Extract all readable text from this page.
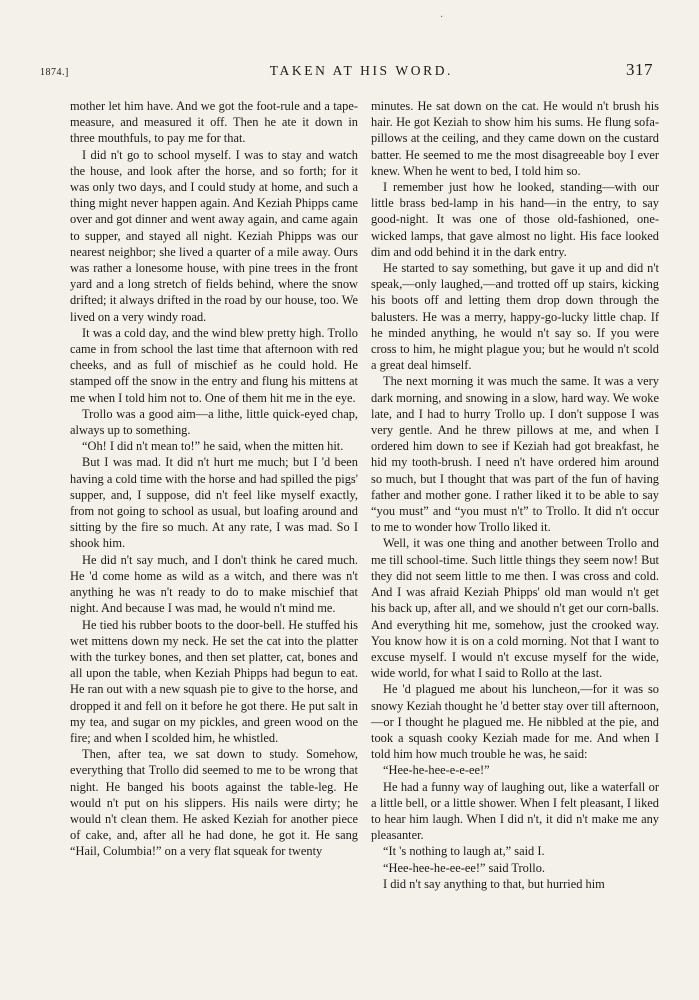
1874.]	TAKEN AT HIS WORD.	317

mother let him have. And we got the foot-rule and a tape-measure, and measured it off. Then he ate it down in three mouthfuls, to pay me for that.

I did n't go to school myself. I was to stay and watch the house, and look after the horse, and so forth; for it was only two days, and I could study at home, and such a thing might never happen again. And Keziah Phipps came over and got dinner and went away again, and came again to supper, and stayed all night. Keziah Phipps was our nearest neighbor; she lived a quarter of a mile away. Ours was rather a lonesome house, with pine trees in the front yard and a long stretch of fields behind, where the snow drifted; it always drifted in the road by our house, too. We lived on a very windy road.

It was a cold day, and the wind blew pretty high. Trollo came in from school the last time that afternoon with red cheeks, and as full of mischief as he could hold. He stamped off the snow in the entry and flung his mittens at me when I told him not to. One of them hit me in the eye.

Trollo was a good aim—a lithe, little quick-eyed chap, always up to something.

“Oh! I did n't mean to!” he said, when the mitten hit.

But I was mad. It did n't hurt me much; but I 'd been having a cold time with the horse and had spilled the pigs' supper, and, I suppose, did n't feel like myself exactly, from not going to school as usual, but loafing around and sitting by the fire so much. At any rate, I was mad. So I shook him.

He did n't say much, and I don't think he cared much. He 'd come home as wild as a witch, and there was n't anything he was n't ready to do to make mischief that night. And because I was mad, he would n't mind me.

He tied his rubber boots to the door-bell. He stuffed his wet mittens down my neck. He set the cat into the platter with the turkey bones, and then set platter, cat, bones and all upon the table, when Keziah Phipps had begun to eat. He ran out with a new squash pie to give to the horse, and dropped it and fell on it before he got there. He put salt in my tea, and sugar on my pickles, and green wood on the fire; and when I scolded him, he whistled.

Then, after tea, we sat down to study. Somehow, everything that Trollo did seemed to me to be wrong that night. He banged his boots against the table-leg. He would n't put on his slippers. His nails were dirty; he would n't clean them. He asked Keziah for another piece of cake, and, after all he had done, he got it. He sang “Hail, Columbia!” on a very flat squeak for twenty

minutes. He sat down on the cat. He would n't brush his hair. He got Keziah to show him his sums. He flung sofa-pillows at the ceiling, and they came down on the custard batter. He seemed to me the most disagreeable boy I ever knew. When he went to bed, I told him so.

I remember just how he looked, standing—with our little brass bed-lamp in his hand—in the entry, to say good-night. It was one of those old-fashioned, one-wicked lamps, that gave almost no light. His face looked dim and odd behind it in the dark entry.

He started to say something, but gave it up and did n't speak,—only laughed,—and trotted off up stairs, kicking his boots off and letting them drop down through the balusters. He was a merry, happy-go-lucky little chap. If he minded anything, he would n't say so. If you were cross to him, he might plague you; but he would n't scold a great deal himself.

The next morning it was much the same. It was a very dark morning, and snowing in a slow, hard way. We woke late, and I had to hurry Trollo up. I don't suppose I was very gentle. And he threw pillows at me, and when I ordered him down to see if Keziah had got breakfast, he hid my tooth-brush. I need n't have ordered him around so much, but I thought that was part of the fun of having father and mother gone. I rather liked it to be able to say “you must” and “you must n't” to Trollo. It did n't occur to me to wonder how Trollo liked it.

Well, it was one thing and another between Trollo and me till school-time. Such little things they seem now! But they did not seem little to me then. I was cross and cold. And I was afraid Keziah Phipps' old man would n't get his back up, after all, and we should n't get our corn-balls. And everything hit me, somehow, just the crooked way. You know how it is on a cold morning. Not that I want to excuse myself. I would n't excuse myself for the wide, wide world, for what I said to Rollo at the last.

He 'd plagued me about his luncheon,—for it was so snowy Keziah thought he 'd better stay over till afternoon,—or I thought he plagued me. He nibbled at the pie, and took a squash cooky Keziah made for me. And when I told him how much trouble he was, he said:

“Hee-he-hee-e-e-ee!”

He had a funny way of laughing out, like a waterfall or a little bell, or a little shower. When I felt pleasant, I liked to hear him laugh. When I did n't, it did n't make me any pleasanter.

“It 's nothing to laugh at,” said I.

“Hee-hee-he-ee-ee!” said Trollo.

I did n't say anything to that, but hurried him

·
